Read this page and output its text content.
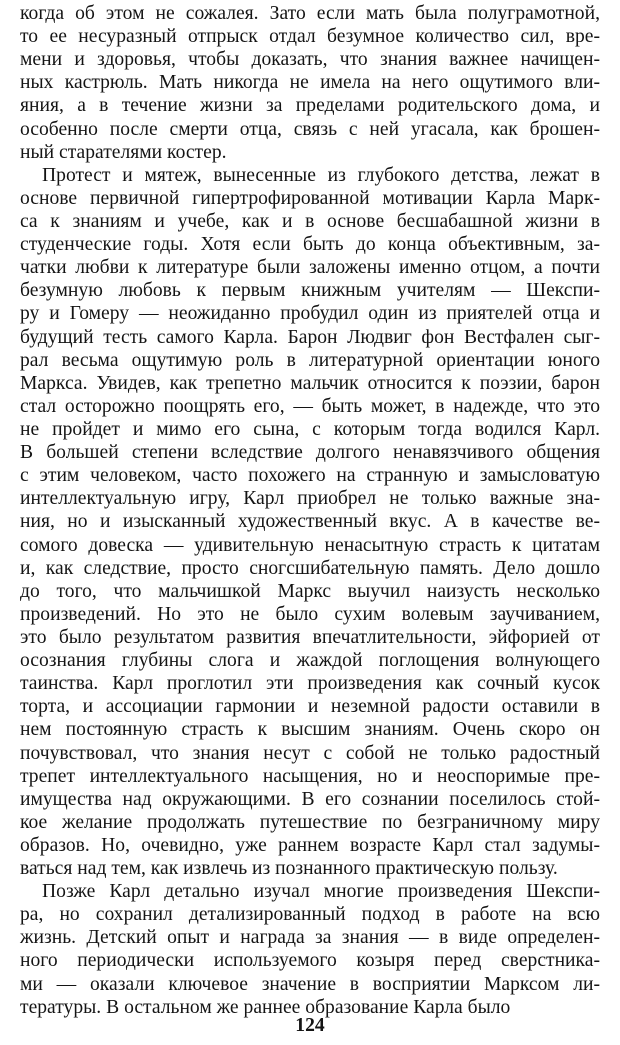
когда об этом не сожалея. Зато если мать была полуграмотной,
то ее несуразный отпрыск отдал безумное количество сил, вре-
мени и здоровья, чтобы доказать, что знания важнее начищен-
ных кастрюль. Мать никогда не имела на него ощутимого вли-
яния, а в течение жизни за пределами родительского дома, и
особенно после смерти отца, связь с ней угасала, как брошен-
ный старателями костер.
Протест и мятеж, вынесенные из глубокого детства, лежат в
основе первичной гипертрофированной мотивации Карла Марк-
са к знаниям и учебе, как и в основе бесшабашной жизни в
студенческие годы. Хотя если быть до конца объективным, за-
чатки любви к литературе были заложены именно отцом, а почти
безумную любовь к первым книжным учителям — Шекспи-
ру и Гомеру — неожиданно пробудил один из приятелей отца и
будущий тесть самого Карла. Барон Людвиг фон Вестфален сыг-
рал весьма ощутимую роль в литературной ориентации юного
Маркса. Увидев, как трепетно мальчик относится к поэзии, барон
стал осторожно поощрять его, — быть может, в надежде, что это
не пройдет и мимо его сына, с которым тогда водился Карл.
В большей степени вследствие долгого ненавязчивого общения
с этим человеком, часто похожего на странную и замысловатую
интеллектуальную игру, Карл приобрел не только важные зна-
ния, но и изысканный художественный вкус. А в качестве ве-
сомого довеска — удивительную ненасытную страсть к цитатам
и, как следствие, просто сногсшибательную память. Дело дошло
до того, что мальчишкой Маркс выучил наизусть несколько
произведений. Но это не было сухим волевым заучиванием,
это было результатом развития впечатлительности, эйфорией от
осознания глубины слога и жаждой поглощения волнующего
таинства. Карл проглотил эти произведения как сочный кусок
торта, и ассоциации гармонии и неземной радости оставили в
нем постоянную страсть к высшим знаниям. Очень скоро он
почувствовал, что знания несут с собой не только радостный
трепет интеллектуального насыщения, но и неоспоримые пре-
имущества над окружающими. В его сознании поселилось стой-
кое желание продолжать путешествие по безграничному миру
образов. Но, очевидно, уже раннем возрасте Карл стал задумы-
ваться над тем, как извлечь из познанного практическую пользу.
Позже Карл детально изучал многие произведения Шекспи-
ра, но сохранил детализированный подход в работе на всю
жизнь. Детский опыт и награда за знания — в виде определен-
ного периодически используемого козыря перед сверстника-
ми — оказали ключевое значение в восприятии Марксом ли-
тературы. В остальном же раннее образование Карла было
124
